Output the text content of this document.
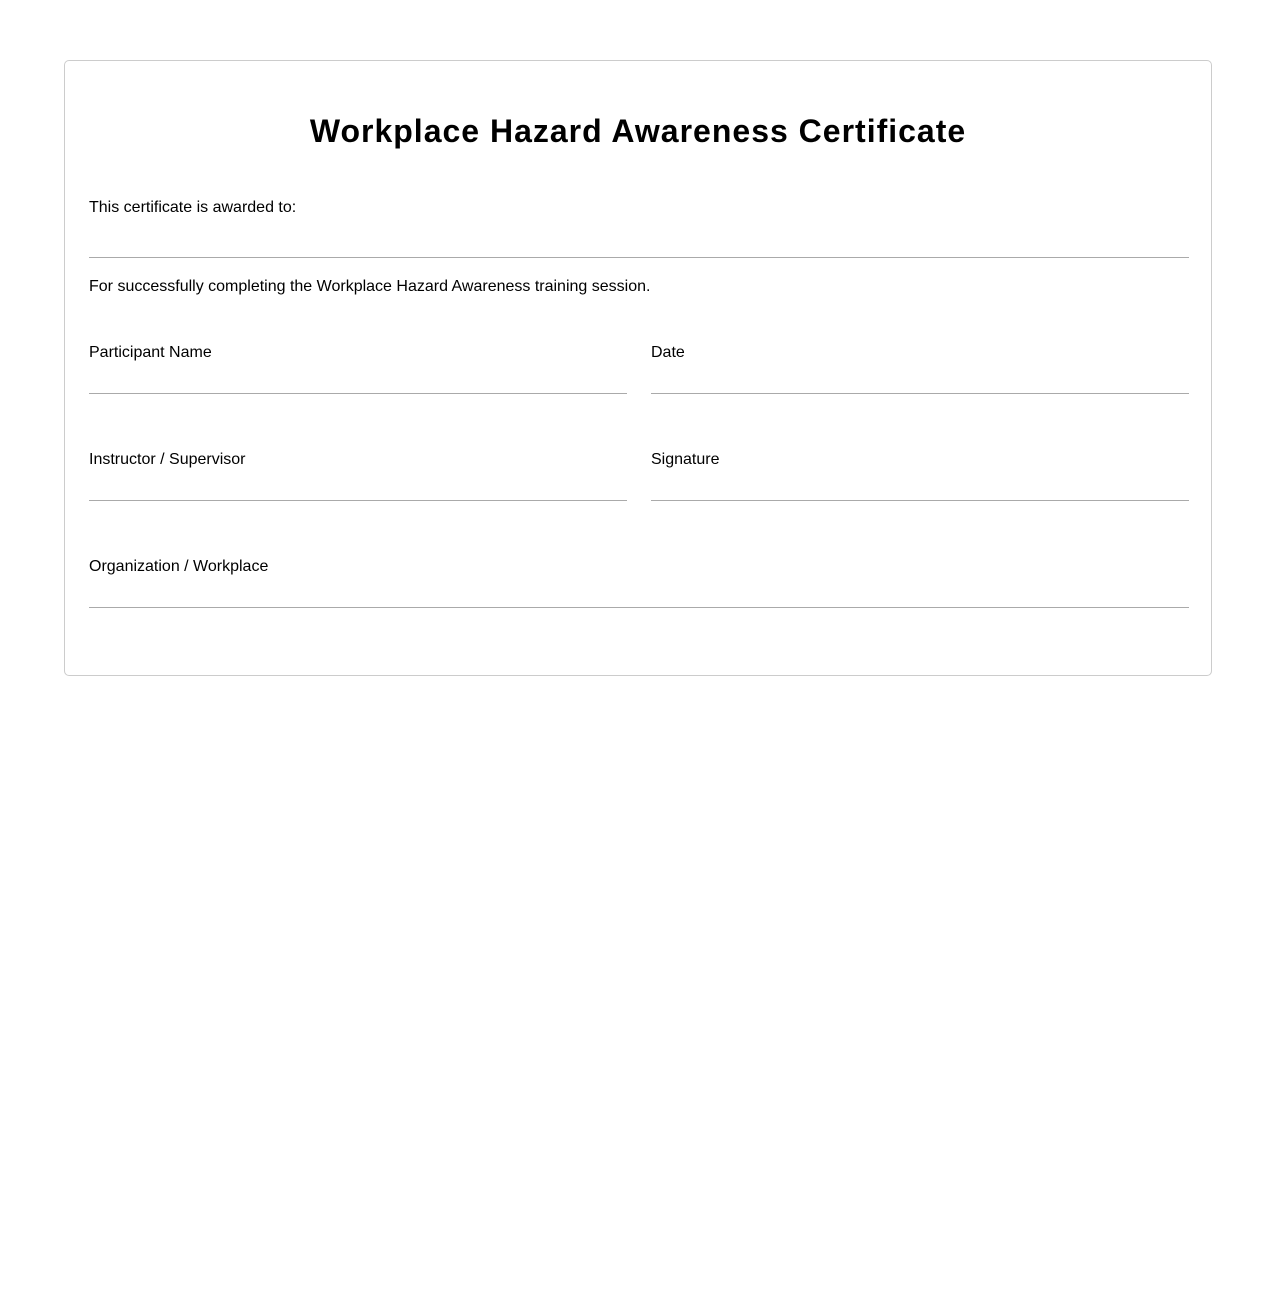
Workplace Hazard Awareness Certificate
This certificate is awarded to:
For successfully completing the Workplace Hazard Awareness training session.
Participant Name	Date
Instructor / Supervisor	Signature
Organization / Workplace
